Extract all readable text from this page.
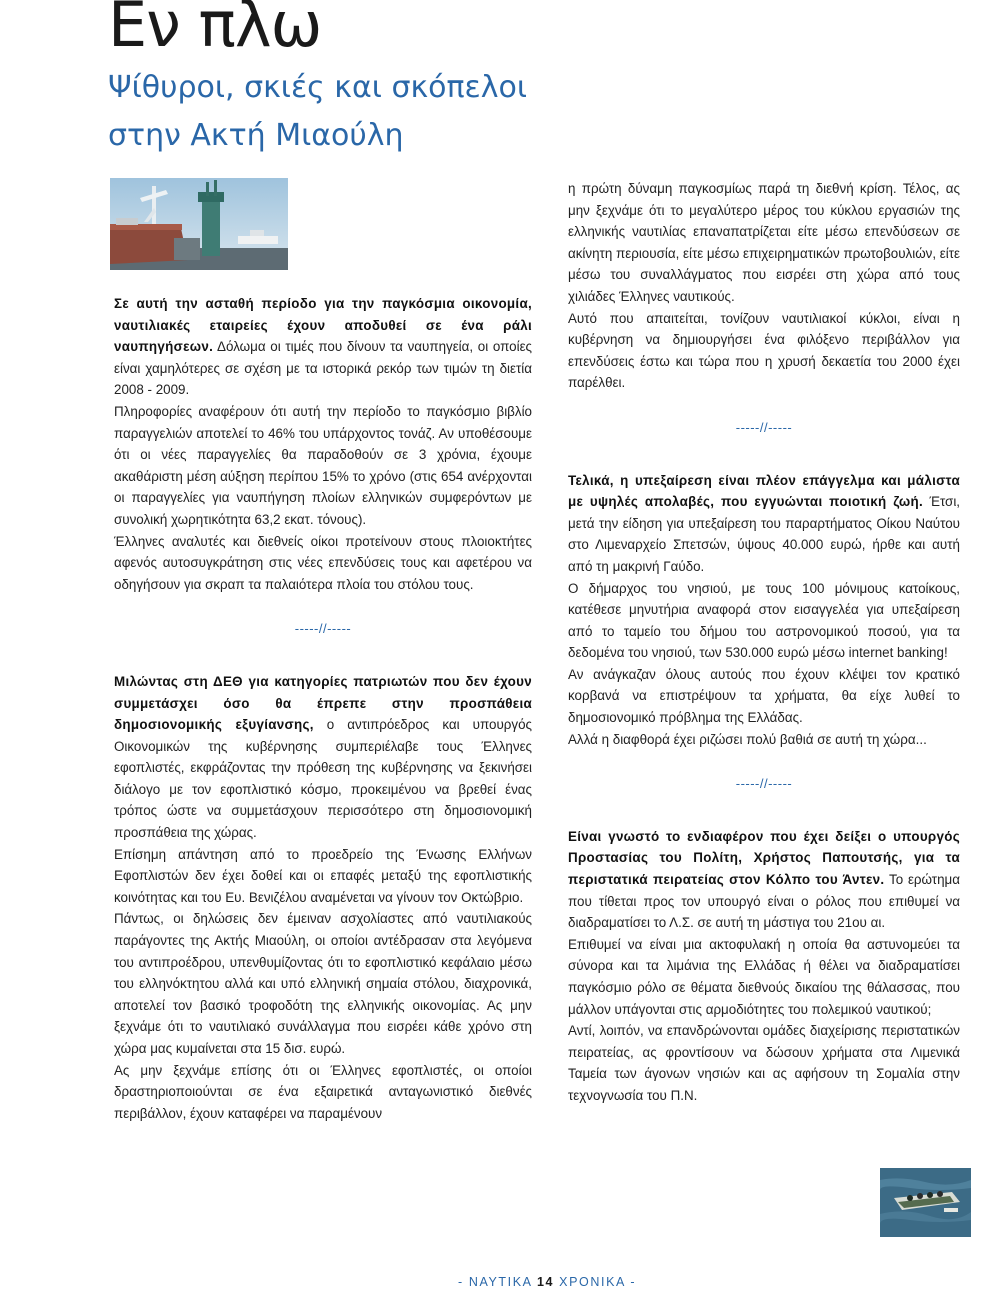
Εν πλω
Ψίθυροι, σκιές και σκόπελοι
στην Ακτή Μιαούλη

Σε αυτή την ασταθή περίοδο για την παγκόσμια οικονομία, ναυτιλιακές εταιρείες έχουν αποδυθεί σε ένα ράλι ναυπηγήσεων. Δόλωμα οι τιμές που δίνουν τα ναυπηγεία, οι οποίες είναι χαμηλότερες σε σχέση με τα ιστορικά ρεκόρ των τιμών τη διετία 2008 - 2009.

Πληροφορίες αναφέρουν ότι αυτή την περίοδο το παγκόσμιο βιβλίο παραγγελιών αποτελεί το 46% του υπάρχοντος τονάζ. Αν υποθέσουμε ότι οι νέες παραγγελίες θα παραδοθούν σε 3 χρόνια, έχουμε ακαθάριστη μέση αύξηση περίπου 15% το χρόνο (στις 654 ανέρχονται οι παραγγελίες για ναυπήγηση πλοίων ελληνικών συμφερόντων με συνολική χωρητικότητα 63,2 εκατ. τόνους).

Έλληνες αναλυτές και διεθνείς οίκοι προτείνουν στους πλοιοκτήτες αφενός αυτοσυγκράτηση στις νέες επενδύσεις τους και αφετέρου να οδηγήσουν για σκραπ τα παλαιότερα πλοία του στόλου τους.

-----//-----

Μιλώντας στη ΔΕΘ για κατηγορίες πατριωτών που δεν έχουν συμμετάσχει όσο θα έπρεπε στην προσπάθεια δημοσιονομικής εξυγίανσης, ο αντιπρόεδρος και υπουργός Οικονομικών της κυβέρνησης συμπεριέλαβε τους Έλληνες εφοπλιστές, εκφράζοντας την πρόθεση της κυβέρνησης να ξεκινήσει διάλογο με τον εφοπλιστικό κόσμο, προκειμένου να βρεθεί ένας τρόπος ώστε να συμμετάσχουν περισσότερο στη δημοσιονομική προσπάθεια της χώρας.

Επίσημη απάντηση από το προεδρείο της Ένωσης Ελλήνων Εφοπλιστών δεν έχει δοθεί και οι επαφές μεταξύ της εφοπλιστικής κοινότητας και του Ευ. Βενιζέλου αναμένεται να γίνουν τον Οκτώβριο.

Πάντως, οι δηλώσεις δεν έμειναν ασχολίαστες από ναυτιλιακούς παράγοντες της Ακτής Μιαούλη, οι οποίοι αντέδρασαν στα λεγόμενα του αντιπροέδρου, υπενθυμίζοντας ότι το εφοπλιστικό κεφάλαιο μέσω του ελληνόκτητου αλλά και υπό ελληνική σημαία στόλου, διαχρονικά, αποτελεί τον βασικό τροφοδότη της ελληνικής οικονομίας. Ας μην ξεχνάμε ότι το ναυτιλιακό συνάλλαγμα που εισρέει κάθε χρόνο στη χώρα μας κυμαίνεται στα 15 δισ. ευρώ.

Ας μην ξεχνάμε επίσης ότι οι Έλληνες εφοπλιστές, οι οποίοι δραστηριοποιούνται σε ένα εξαιρετικά ανταγωνιστικό διεθνές περιβάλλον, έχουν καταφέρει να παραμένουν

η πρώτη δύναμη παγκοσμίως παρά τη διεθνή κρίση. Τέλος, ας μην ξεχνάμε ότι το μεγαλύτερο μέρος του κύκλου εργασιών της ελληνικής ναυτιλίας επαναπατρίζεται είτε μέσω επενδύσεων σε ακίνητη περιουσία, είτε μέσω επιχειρηματικών πρωτοβουλιών, είτε μέσω του συναλλάγματος που εισρέει στη χώρα από τους χιλιάδες Έλληνες ναυτικούς.

Αυτό που απαιτείται, τονίζουν ναυτιλιακοί κύκλοι, είναι η κυβέρνηση να δημιουργήσει ένα φιλόξενο περιβάλλον για επενδύσεις έστω και τώρα που η χρυσή δεκαετία του 2000 έχει παρέλθει.

-----//-----

Τελικά, η υπεξαίρεση είναι πλέον επάγγελμα και μάλιστα με υψηλές απολαβές, που εγγυώνται ποιοτική ζωή. Έτσι, μετά την είδηση για υπεξαίρεση του παραρτήματος Οίκου Ναύτου στο Λιμεναρχείο Σπετσών, ύψους 40.000 ευρώ, ήρθε και αυτή από τη μακρινή Γαύδο.

Ο δήμαρχος του νησιού, με τους 100 μόνιμους κατοίκους, κατέθεσε μηνυτήρια αναφορά στον εισαγγελέα για υπεξαίρεση από το ταμείο του δήμου του αστρονομικού ποσού, για τα δεδομένα του νησιού, των 530.000 ευρώ μέσω internet banking!

Αν ανάγκαζαν όλους αυτούς που έχουν κλέψει τον κρατικό κορβανά να επιστρέψουν τα χρήματα, θα είχε λυθεί το δημοσιονομικό πρόβλημα της Ελλάδας.

Αλλά η διαφθορά έχει ριζώσει πολύ βαθιά σε αυτή τη χώρα...

-----//-----

Είναι γνωστό το ενδιαφέρον που έχει δείξει ο υπουργός Προστασίας του Πολίτη, Χρήστος Παπουτσής, για τα περιστατικά πειρατείας στον Κόλπο του Άντεν. Το ερώτημα που τίθεται προς τον υπουργό είναι ο ρόλος που επιθυμεί να διαδραματίσει το Λ.Σ. σε αυτή τη μάστιγα του 21ου αι.

Επιθυμεί να είναι μια ακτοφυλακή η οποία θα αστυνομεύει τα σύνορα και τα λιμάνια της Ελλάδας ή θέλει να διαδραματίσει παγκόσμιο ρόλο σε θέματα διεθνούς δικαίου της θάλασσας, που μάλλον υπάγονται στις αρμοδιότητες του πολεμικού ναυτικού;

Αντί, λοιπόν, να επανδρώνονται ομάδες διαχείρισης περιστατικών πειρατείας, ας φροντίσουν να δώσουν χρήματα στα Λιμενικά Ταμεία των άγονων νησιών και ας αφήσουν τη Σομαλία στην τεχνογνωσία του Π.Ν.

- ΝΑΥΤΙΚΑ 14 ΧΡΟΝΙΚΑ -
